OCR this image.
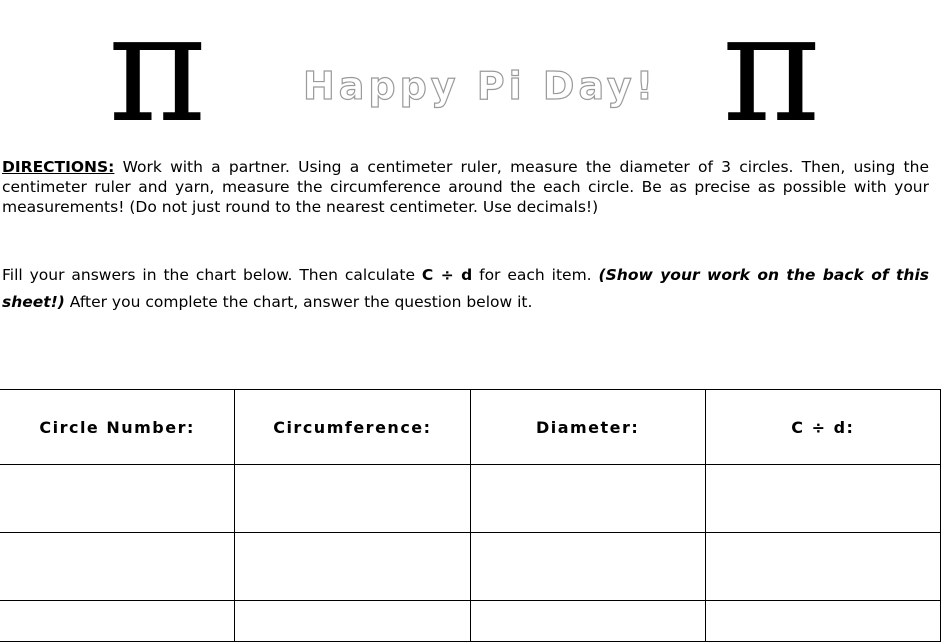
π	Happy Pi Day! π

DIRECTIONS: Work with a partner. Using a centimeter ruler, measure the diameter of 3 circles. Then, using the centimeter ruler and yarn, measure the circumference around the each circle. Be as precise as possible with your measurements! (Do not just round to the nearest centimeter. Use decimals!)

Fill your answers in the chart below. Then calculate C ÷ d for each item. (Show your work on the back of this sheet!) After you complete the chart, answer the question below it.

Circle Number:	Circumference:	Diameter:	C ÷ d:
